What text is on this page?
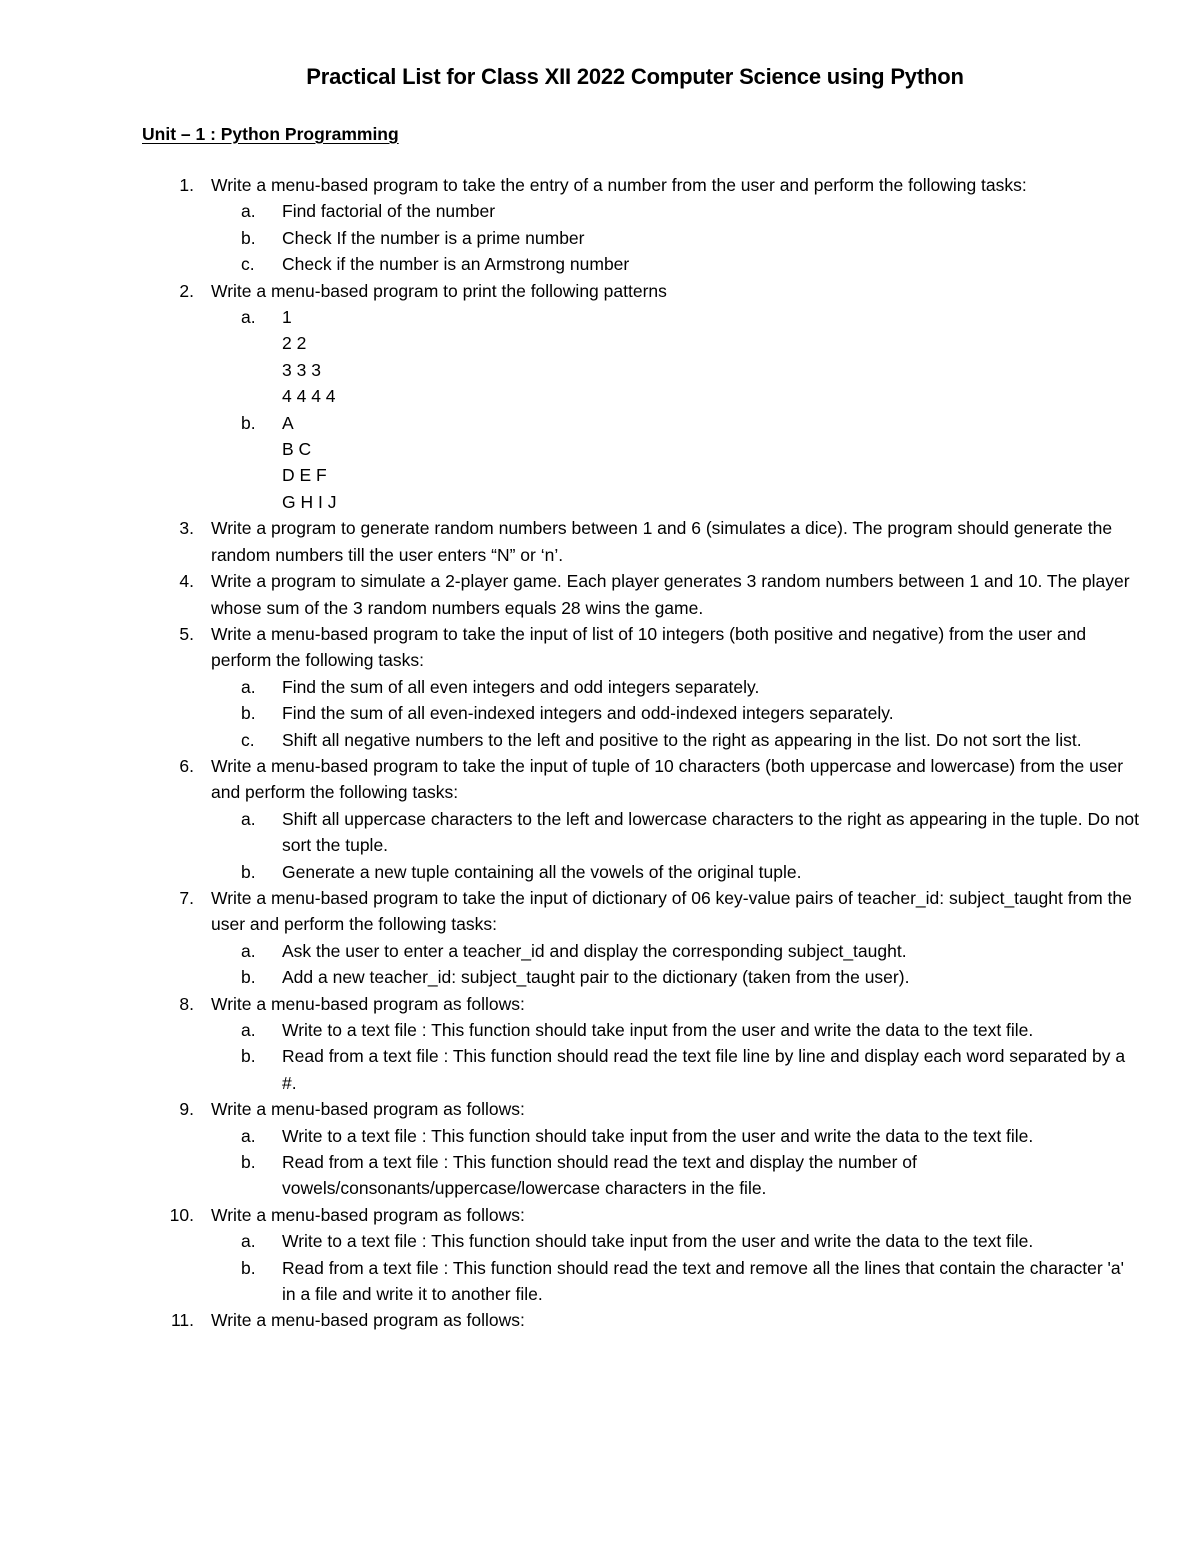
Practical List for Class XII 2022 Computer Science using Python
Unit – 1 : Python Programming
1. Write a menu-based program to take the entry of a number from the user and perform the following tasks:
a. Find factorial of the number
b. Check If the number is a prime number
c. Check if the number is an Armstrong number
2. Write a menu-based program to print the following patterns
a. 1
2 2
3 3 3
4 4 4 4
b. A
B C
D E F
G H I J
3. Write a program to generate random numbers between 1 and 6 (simulates a dice). The program should generate the random numbers till the user enters “N” or ‘n’.
4. Write a program to simulate a 2-player game. Each player generates 3 random numbers between 1 and 10. The player whose sum of the 3 random numbers equals 28 wins the game.
5. Write a menu-based program to take the input of list of 10 integers (both positive and negative) from the user and perform the following tasks:
a. Find the sum of all even integers and odd integers separately.
b. Find the sum of all even-indexed integers and odd-indexed integers separately.
c. Shift all negative numbers to the left and positive to the right as appearing in the list. Do not sort the list.
6. Write a menu-based program to take the input of tuple of 10 characters (both uppercase and lowercase) from the user and perform the following tasks:
a. Shift all uppercase characters to the left and lowercase characters to the right as appearing in the tuple. Do not sort the tuple.
b. Generate a new tuple containing all the vowels of the original tuple.
7. Write a menu-based program to take the input of dictionary of 06 key-value pairs of teacher_id: subject_taught from the user and perform the following tasks:
a. Ask the user to enter a teacher_id and display the corresponding subject_taught.
b. Add a new teacher_id: subject_taught pair to the dictionary (taken from the user).
8. Write a menu-based program as follows:
a. Write to a text file : This function should take input from the user and write the data to the text file.
b. Read from a text file : This function should read the text file line by line and display each word separated by a #.
9. Write a menu-based program as follows:
a. Write to a text file : This function should take input from the user and write the data to the text file.
b. Read from a text file : This function should read the text and display the number of vowels/consonants/uppercase/lowercase characters in the file.
10. Write a menu-based program as follows:
a. Write to a text file : This function should take input from the user and write the data to the text file.
b. Read from a text file : This function should read the text and remove all the lines that contain the character 'a' in a file and write it to another file.
11. Write a menu-based program as follows:
